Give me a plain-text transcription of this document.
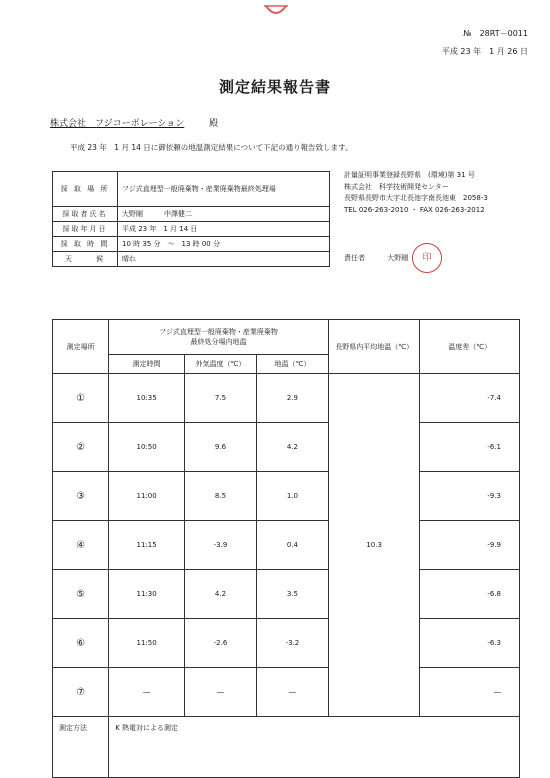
№　28RT－0011
平成 23 年　1 月 26 日
測定結果報告書
株式会社　フジコーポレーション	殿
平成 23 年　1 月 14 日に御依頼の地温測定結果について下記の通り報告致します。
採 取 場 所	フジ式直埋型一般廃棄物・産業廃棄物最終処理場
採取者氏名	大野剛　　　中澤健二
採取年月日	平成 23 年　1 月 14 日
採 取 時 間	10 時 35 分　～　13 時 00 分
天　　 候	晴れ
計量証明事業登録長野県　(環境)第 31 号
株式会社　科学技術開発センター
長野県長野市大字北長池字南長池東　2058-3
TEL 026-263-2010 ・ FAX 026-263-2012
責任者	大野剛	印
測定場所	フジ式直埋型一般廃棄物・産業廃棄物
最終処分場内地温			長野県内平均地温（℃）	温度差（℃）
	測定時間	外気温度（℃）	地温（℃）		
①	10:35	7.5	2.9	10.3	-7.4
②	10:50	9.6	4.2		-6.1
③	11:00	8.5	1.0		-9.3
④	11:15	-3.9	0.4		-9.9
⑤	11:30	4.2	3.5		-6.8
⑥	11:50	-2.6	-3.2		-6.3
⑦	―	―	―		―
測定方法	K 熱電対による測定				
